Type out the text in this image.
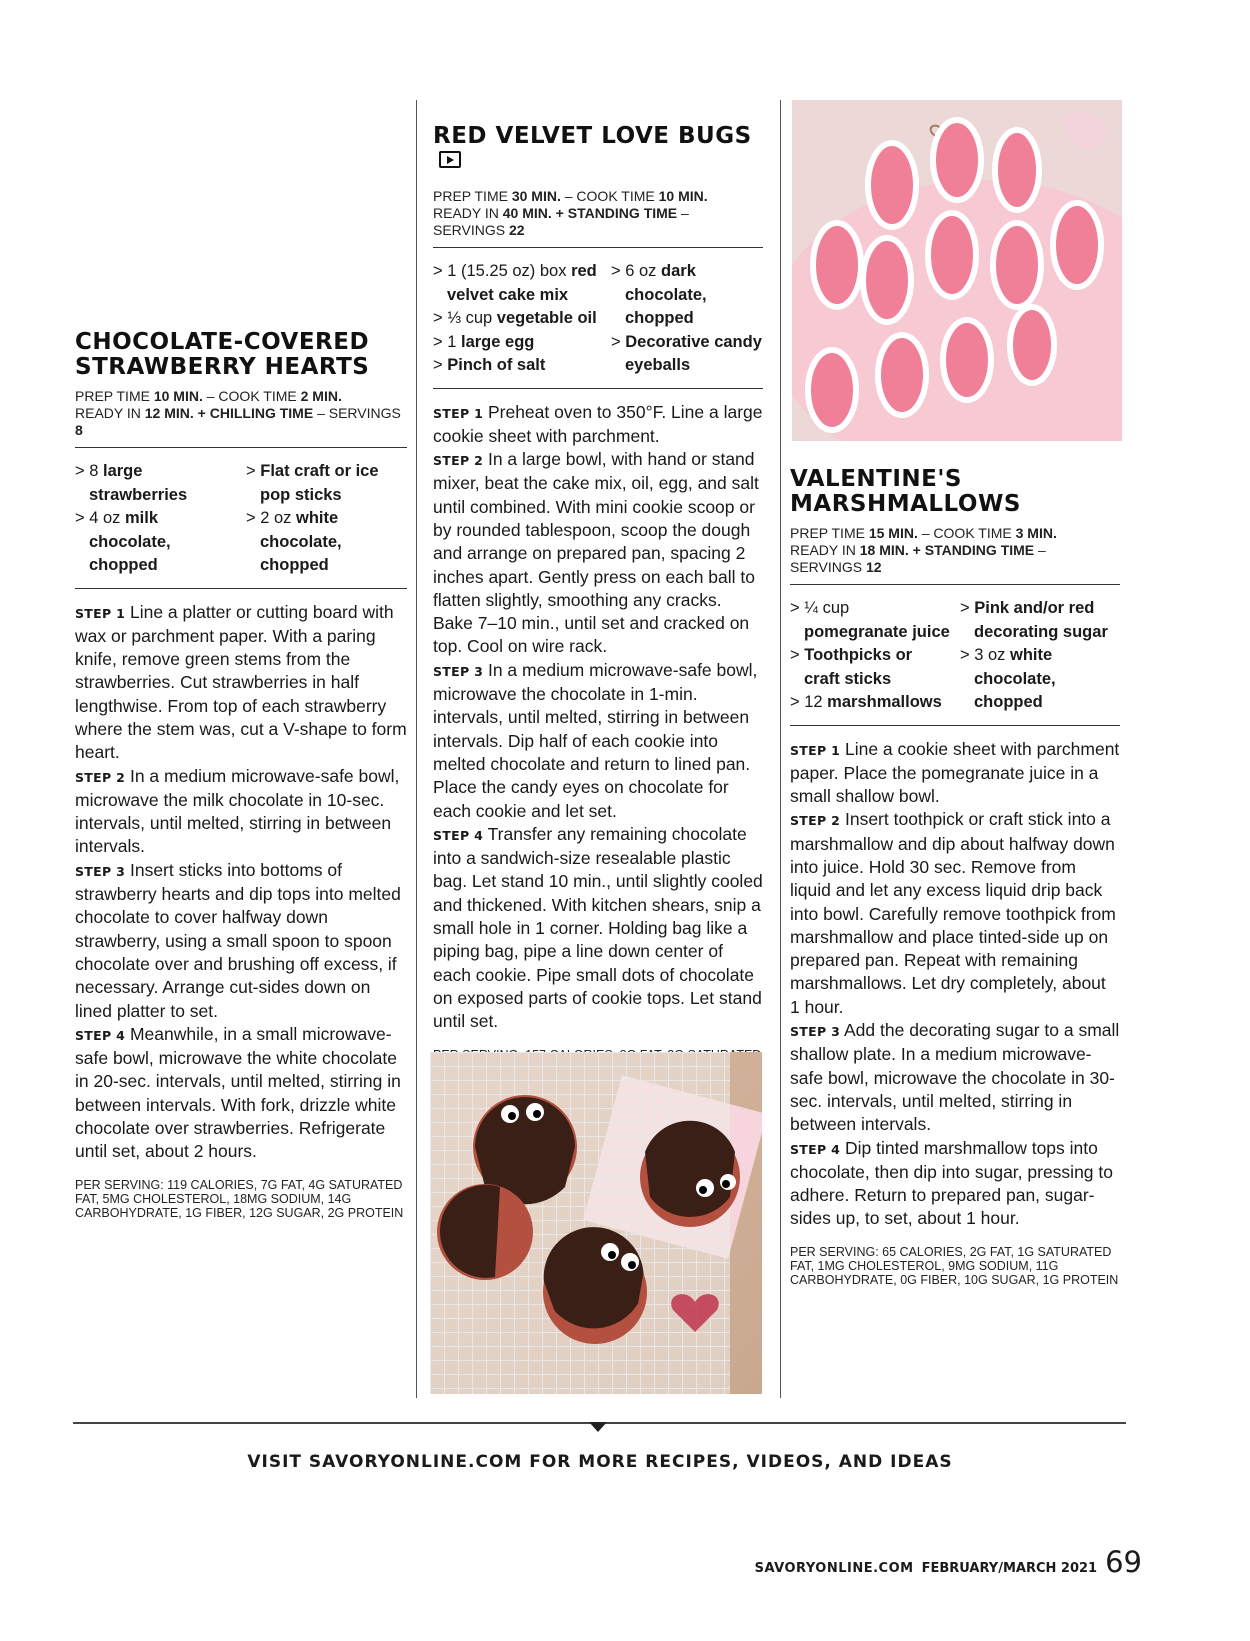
CHOCOLATE-COVERED
STRAWBERRY HEARTS
PREP TIME 10 MIN. – COOK TIME 2 MIN.
READY IN 12 MIN. + CHILLING TIME – SERVINGS 8
> 8 large strawberries
> 4 oz milk chocolate, chopped
> Flat craft or ice pop sticks
> 2 oz white chocolate, chopped

STEP 1 Line a platter or cutting board with wax or parchment paper. With a paring knife, remove green stems from the strawberries. Cut strawberries in half lengthwise. From top of each strawberry where the stem was, cut a V-shape to form heart.

STEP 2 In a medium microwave-safe bowl, microwave the milk chocolate in 10-sec. intervals, until melted, stirring in between intervals.

STEP 3 Insert sticks into bottoms of strawberry hearts and dip tops into melted chocolate to cover halfway down strawberry, using a small spoon to spoon chocolate over and brushing off excess, if necessary. Arrange cut-sides down on lined platter to set.

STEP 4 Meanwhile, in a small microwave-safe bowl, microwave the white chocolate in 20-sec. intervals, until melted, stirring in between intervals. With fork, drizzle white chocolate over strawberries. Refrigerate until set, about 2 hours.

PER SERVING: 119 CALORIES, 7G FAT, 4G SATURATED FAT, 5MG CHOLESTEROL, 18MG SODIUM, 14G CARBOHYDRATE, 1G FIBER, 12G SUGAR, 2G PROTEIN
RED VELVET LOVE BUGS
PREP TIME 30 MIN. – COOK TIME 10 MIN.
READY IN 40 MIN. + STANDING TIME – SERVINGS 22
> 1 (15.25 oz) box red velvet cake mix
> ⅓ cup vegetable oil
> 1 large egg
> Pinch of salt
> 6 oz dark chocolate, chopped
> Decorative candy eyeballs

STEP 1 Preheat oven to 350°F. Line a large cookie sheet with parchment.

STEP 2 In a large bowl, with hand or stand mixer, beat the cake mix, oil, egg, and salt until combined. With mini cookie scoop or by rounded tablespoon, scoop the dough and arrange on prepared pan, spacing 2 inches apart. Gently press on each ball to flatten slightly, smoothing any cracks. Bake 7–10 min., until set and cracked on top. Cool on wire rack.

STEP 3 In a medium microwave-safe bowl, microwave the chocolate in 1-min. intervals, until melted, stirring in between intervals. Dip half of each cookie into melted chocolate and return to lined pan. Place the candy eyes on chocolate for each cookie and let set.

STEP 4 Transfer any remaining chocolate into a sandwich-size resealable plastic bag. Let stand 10 min., until slightly cooled and thickened. With kitchen shears, snip a small hole in 1 corner. Holding bag like a piping bag, pipe a line down center of each cookie. Pipe small dots of chocolate on exposed parts of cookie tops. Let stand until set.

VALENTINE'S
MARSHMALLOWS
PREP TIME 15 MIN. – COOK TIME 3 MIN.
READY IN 18 MIN. + STANDING TIME – SERVINGS 12
> ¼ cup pomegranate juice
> Toothpicks or craft sticks
> 12 marshmallows
> Pink and/or red decorating sugar
> 3 oz white chocolate, chopped

STEP 1 Line a cookie sheet with parchment paper. Place the pomegranate juice in a small shallow bowl.

STEP 2 Insert toothpick or craft stick into a marshmallow and dip about halfway down into juice. Hold 30 sec. Remove from liquid and let any excess liquid drip back into bowl. Carefully remove toothpick from marshmallow and place tinted-side up on prepared pan. Repeat with remaining marshmallows. Let dry completely, about 1 hour.

STEP 3 Add the decorating sugar to a small shallow plate. In a medium microwave-safe bowl, microwave the chocolate in 30-sec. intervals, until melted, stirring in between intervals.

STEP 4 Dip tinted marshmallow tops into chocolate, then dip into sugar, pressing to adhere. Return to prepared pan, sugar-sides up, to set, about 1 hour.

PER SERVING: 65 CALORIES, 2G FAT, 1G SATURATED FAT, 1MG CHOLESTEROL, 9MG SODIUM, 11G CARBOHYDRATE, 0G FIBER, 10G SUGAR, 1G PROTEIN
VISIT SAVORYONLINE.COM FOR MORE RECIPES, VIDEOS, AND IDEAS
SAVORYONLINE.COM FEBRUARY/MARCH 2021 69
